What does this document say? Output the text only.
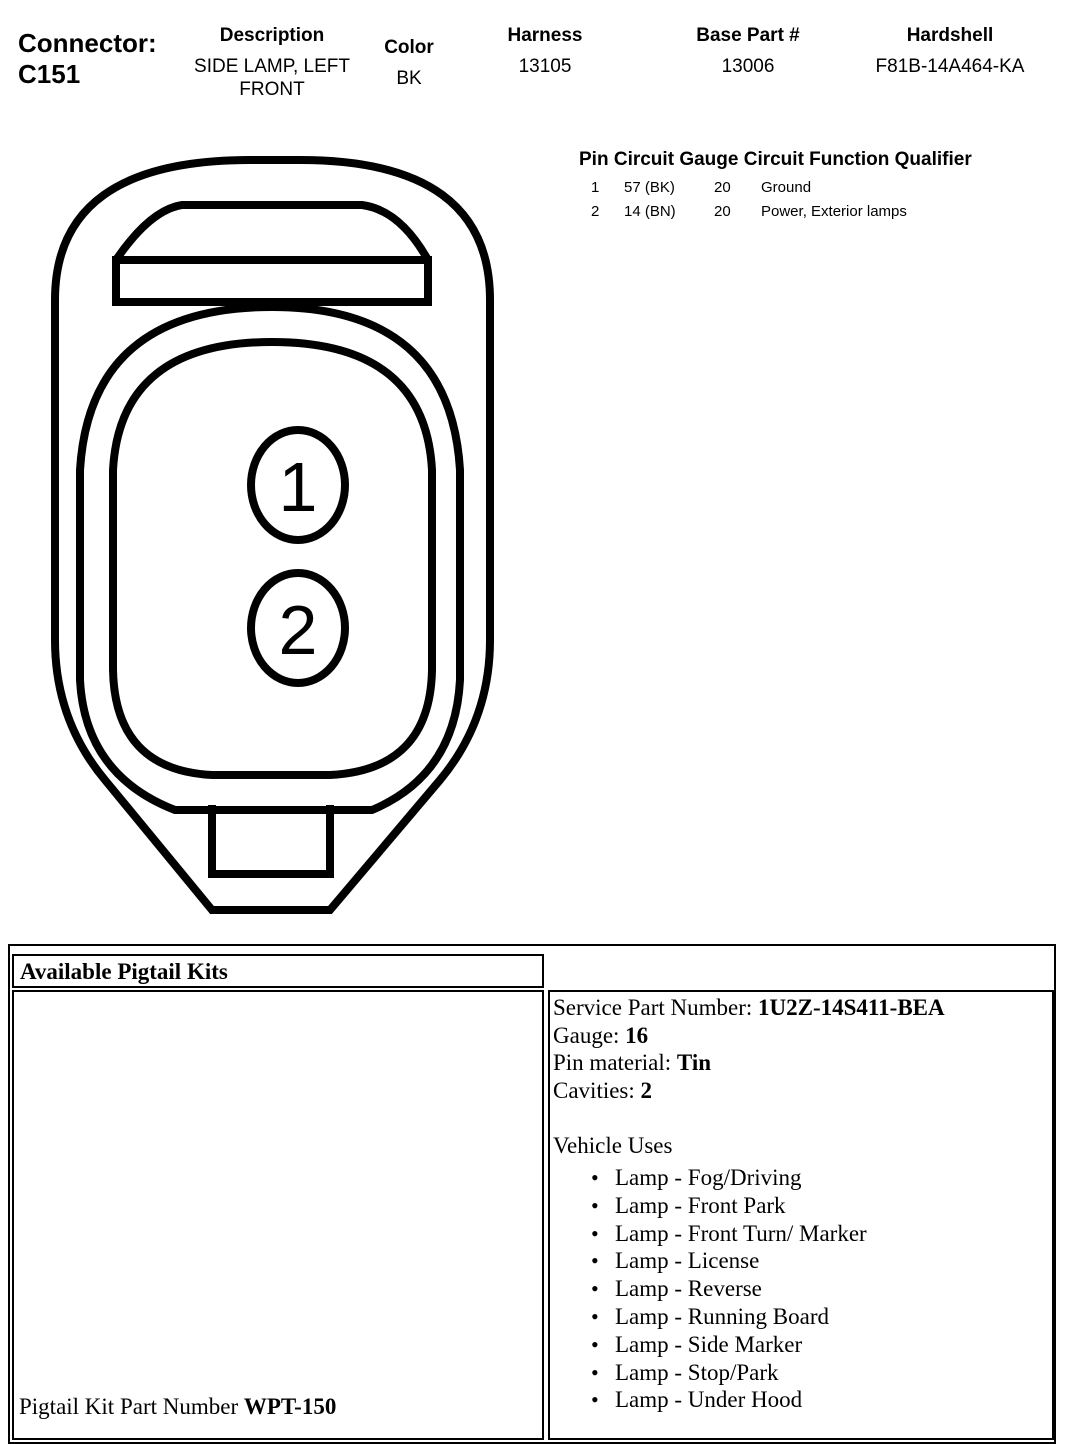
Connector:
C151
Description
SIDE LAMP, LEFT
FRONT
Color
BK
Harness
13105
Base Part #
13006
Hardshell
F81B-14A464-KA
1
2
Pin Circuit Gauge Circuit Function Qualifier
1 57 (BK)	20 Ground
2 14 (BN)	20 Power, Exterior lamps
Available Pigtail Kits
Pigtail Kit Part Number WPT-150
Service Part Number: 1U2Z-14S411-BEA
Gauge: 16
Pin material: Tin
Cavities: 2
Vehicle Uses
• Lamp - Fog/Driving
• Lamp - Front Park
• Lamp - Front Turn/ Marker
• Lamp - License
• Lamp - Reverse
• Lamp - Running Board
• Lamp - Side Marker
• Lamp - Stop/Park
• Lamp - Under Hood
